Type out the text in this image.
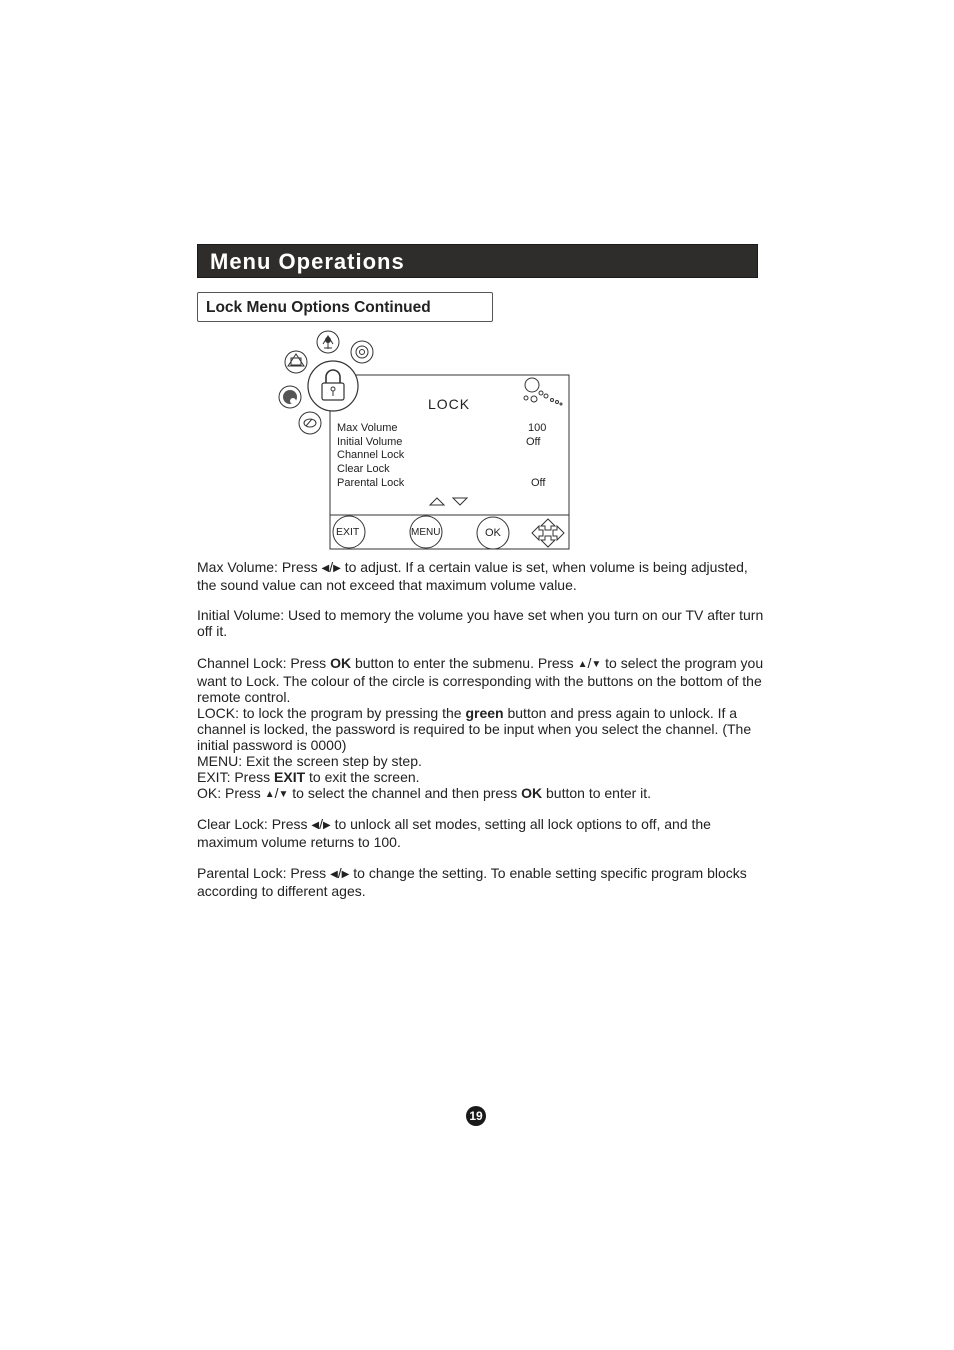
Menu Operations
Lock Menu Options Continued
LOCK
Max Volume	100
Initial Volume	Off
Channel Lock
Clear Lock
Parental Lock	Off
EXIT	MENU	OK

Max Volume: Press ◀/▶ to adjust. If a certain value is set, when volume is being adjusted, the sound value can not exceed that maximum volume value.

Initial Volume: Used to memory the volume you have set when you turn on our TV after turn off it.

Channel Lock: Press OK button to enter the submenu. Press ▲/▼ to select the program you want to Lock. The colour of the circle is corresponding with the buttons on the bottom of the remote control.

LOCK: to lock the program by pressing the green button and press again to unlock. If a channel is locked, the password is required to be input when you select the channel. (The initial password is 0000)

MENU: Exit the screen step by step.

EXIT: Press EXIT to exit the screen.

OK: Press ▲/▼ to select the channel and then press OK button to enter it.

Clear Lock: Press ◀/▶ to unlock all set modes, setting all lock options to off, and the maximum volume returns to 100.

Parental Lock: Press ◀/▶ to change the setting. To enable setting specific program blocks according to different ages.

19
